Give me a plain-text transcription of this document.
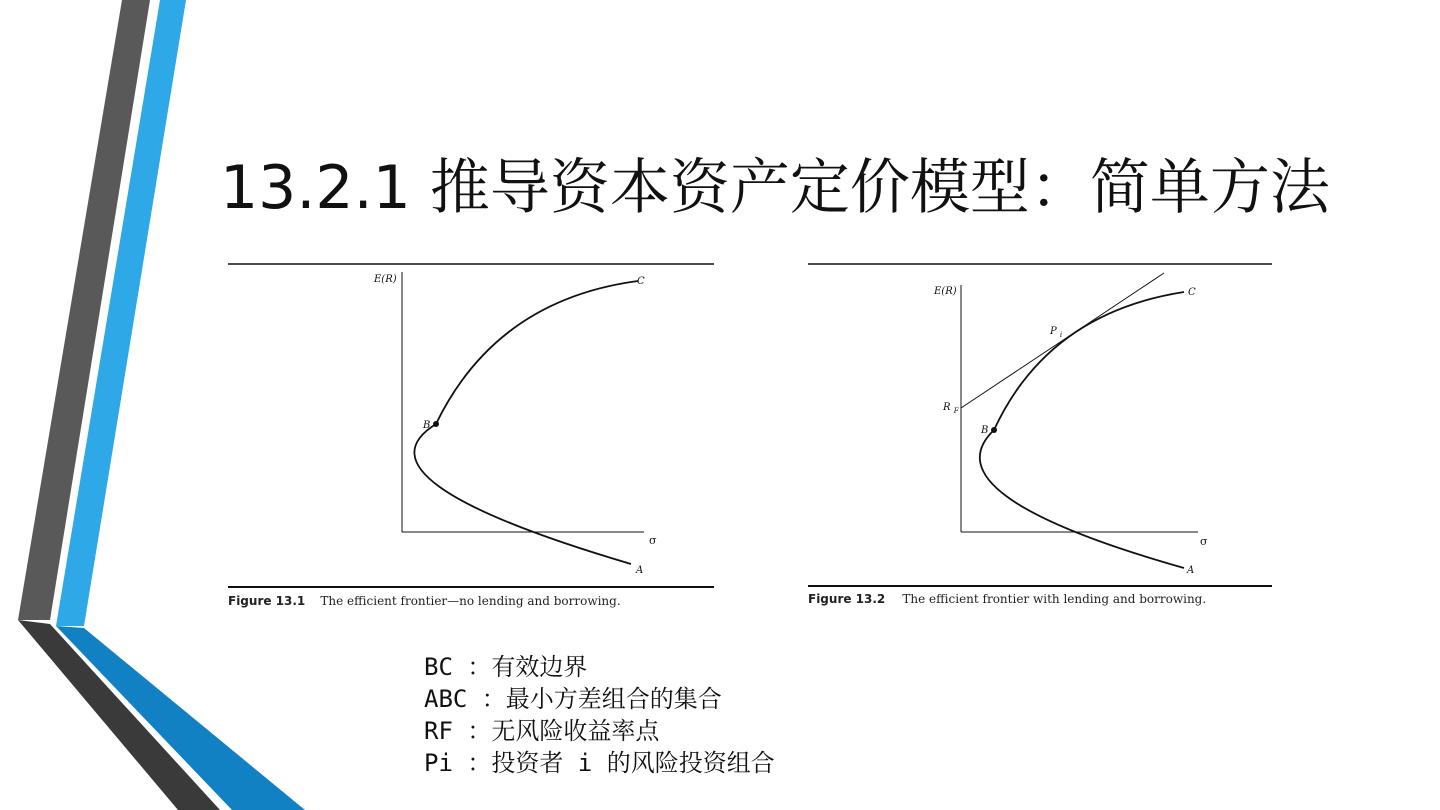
13.2.1 推导资本资产定价模型：简单方法
E(R)
σ
C
B
A
Figure 13.1 The efficient frontier—no lending and borrowing.
E(R)
σ
C
P $_i$
R $_F$
B
A
Figure 13.2 The efficient frontier with lending and borrowing.
BC ：有效边界
ABC ：最小方差组合的集合
RF ：无风险收益率点
Pi ：投资者 i 的风险投资组合
